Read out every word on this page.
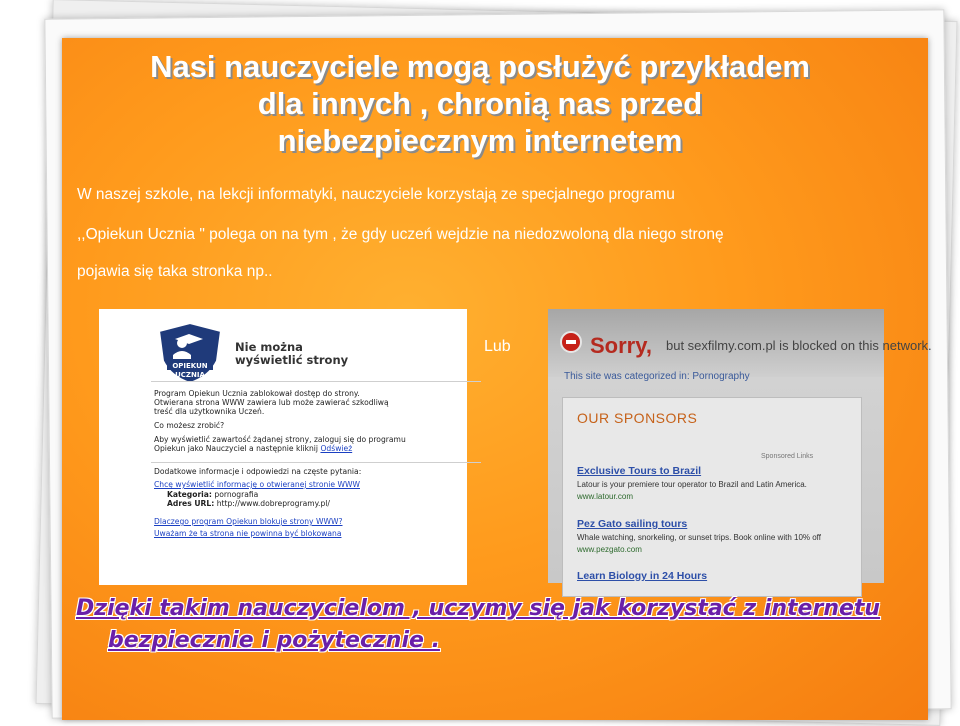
Nasi nauczyciele mogą posłużyć przykładem
dla innych , chronią nas przed
niebezpiecznym internetem
W naszej szkole, na lekcji informatyki, nauczyciele korzystają ze specjalnego programu
,,Opiekun Ucznia " polega on na tym , że gdy uczeń wejdzie na niedozwoloną dla niego stronę
pojawia się taka stronka np..
OPIEKUN
UCZNIA
Nie można
wyświetlić strony
Program Opiekun Ucznia zablokował dostęp do strony.
Otwierana strona WWW zawiera lub może zawierać szkodliwą
treść dla użytkownika Uczeń.
Co możesz zrobić?
Aby wyświetlić zawartość żądanej strony, zaloguj się do programu
Opiekun jako Nauczyciel a następnie kliknij Odśwież
Dodatkowe informacje i odpowiedzi na częste pytania:
Chcę wyświetlić informację o otwieranej stronie WWW
Kategoria: pornografia
Adres URL: http://www.dobreprogramy.pl/
Dlaczego program Opiekun blokuje strony WWW?
Uważam że ta strona nie powinna być blokowana
Lub	Sorry, but sexfilmy.com.pl is blocked on this network.
This site was categorized in: Pornography
OUR SPONSORS
Sponsored Links
Exclusive Tours to Brazil
Latour is your premiere tour operator to Brazil and Latin America.
www.latour.com
Pez Gato sailing tours
Whale watching, snorkeling, or sunset trips. Book online with 10% off
www.pezgato.com
Learn Biology in 24 Hours
Dzięki takim nauczycielom , uczymy się jak korzystać z internetu
bezpiecznie i pożytecznie .
